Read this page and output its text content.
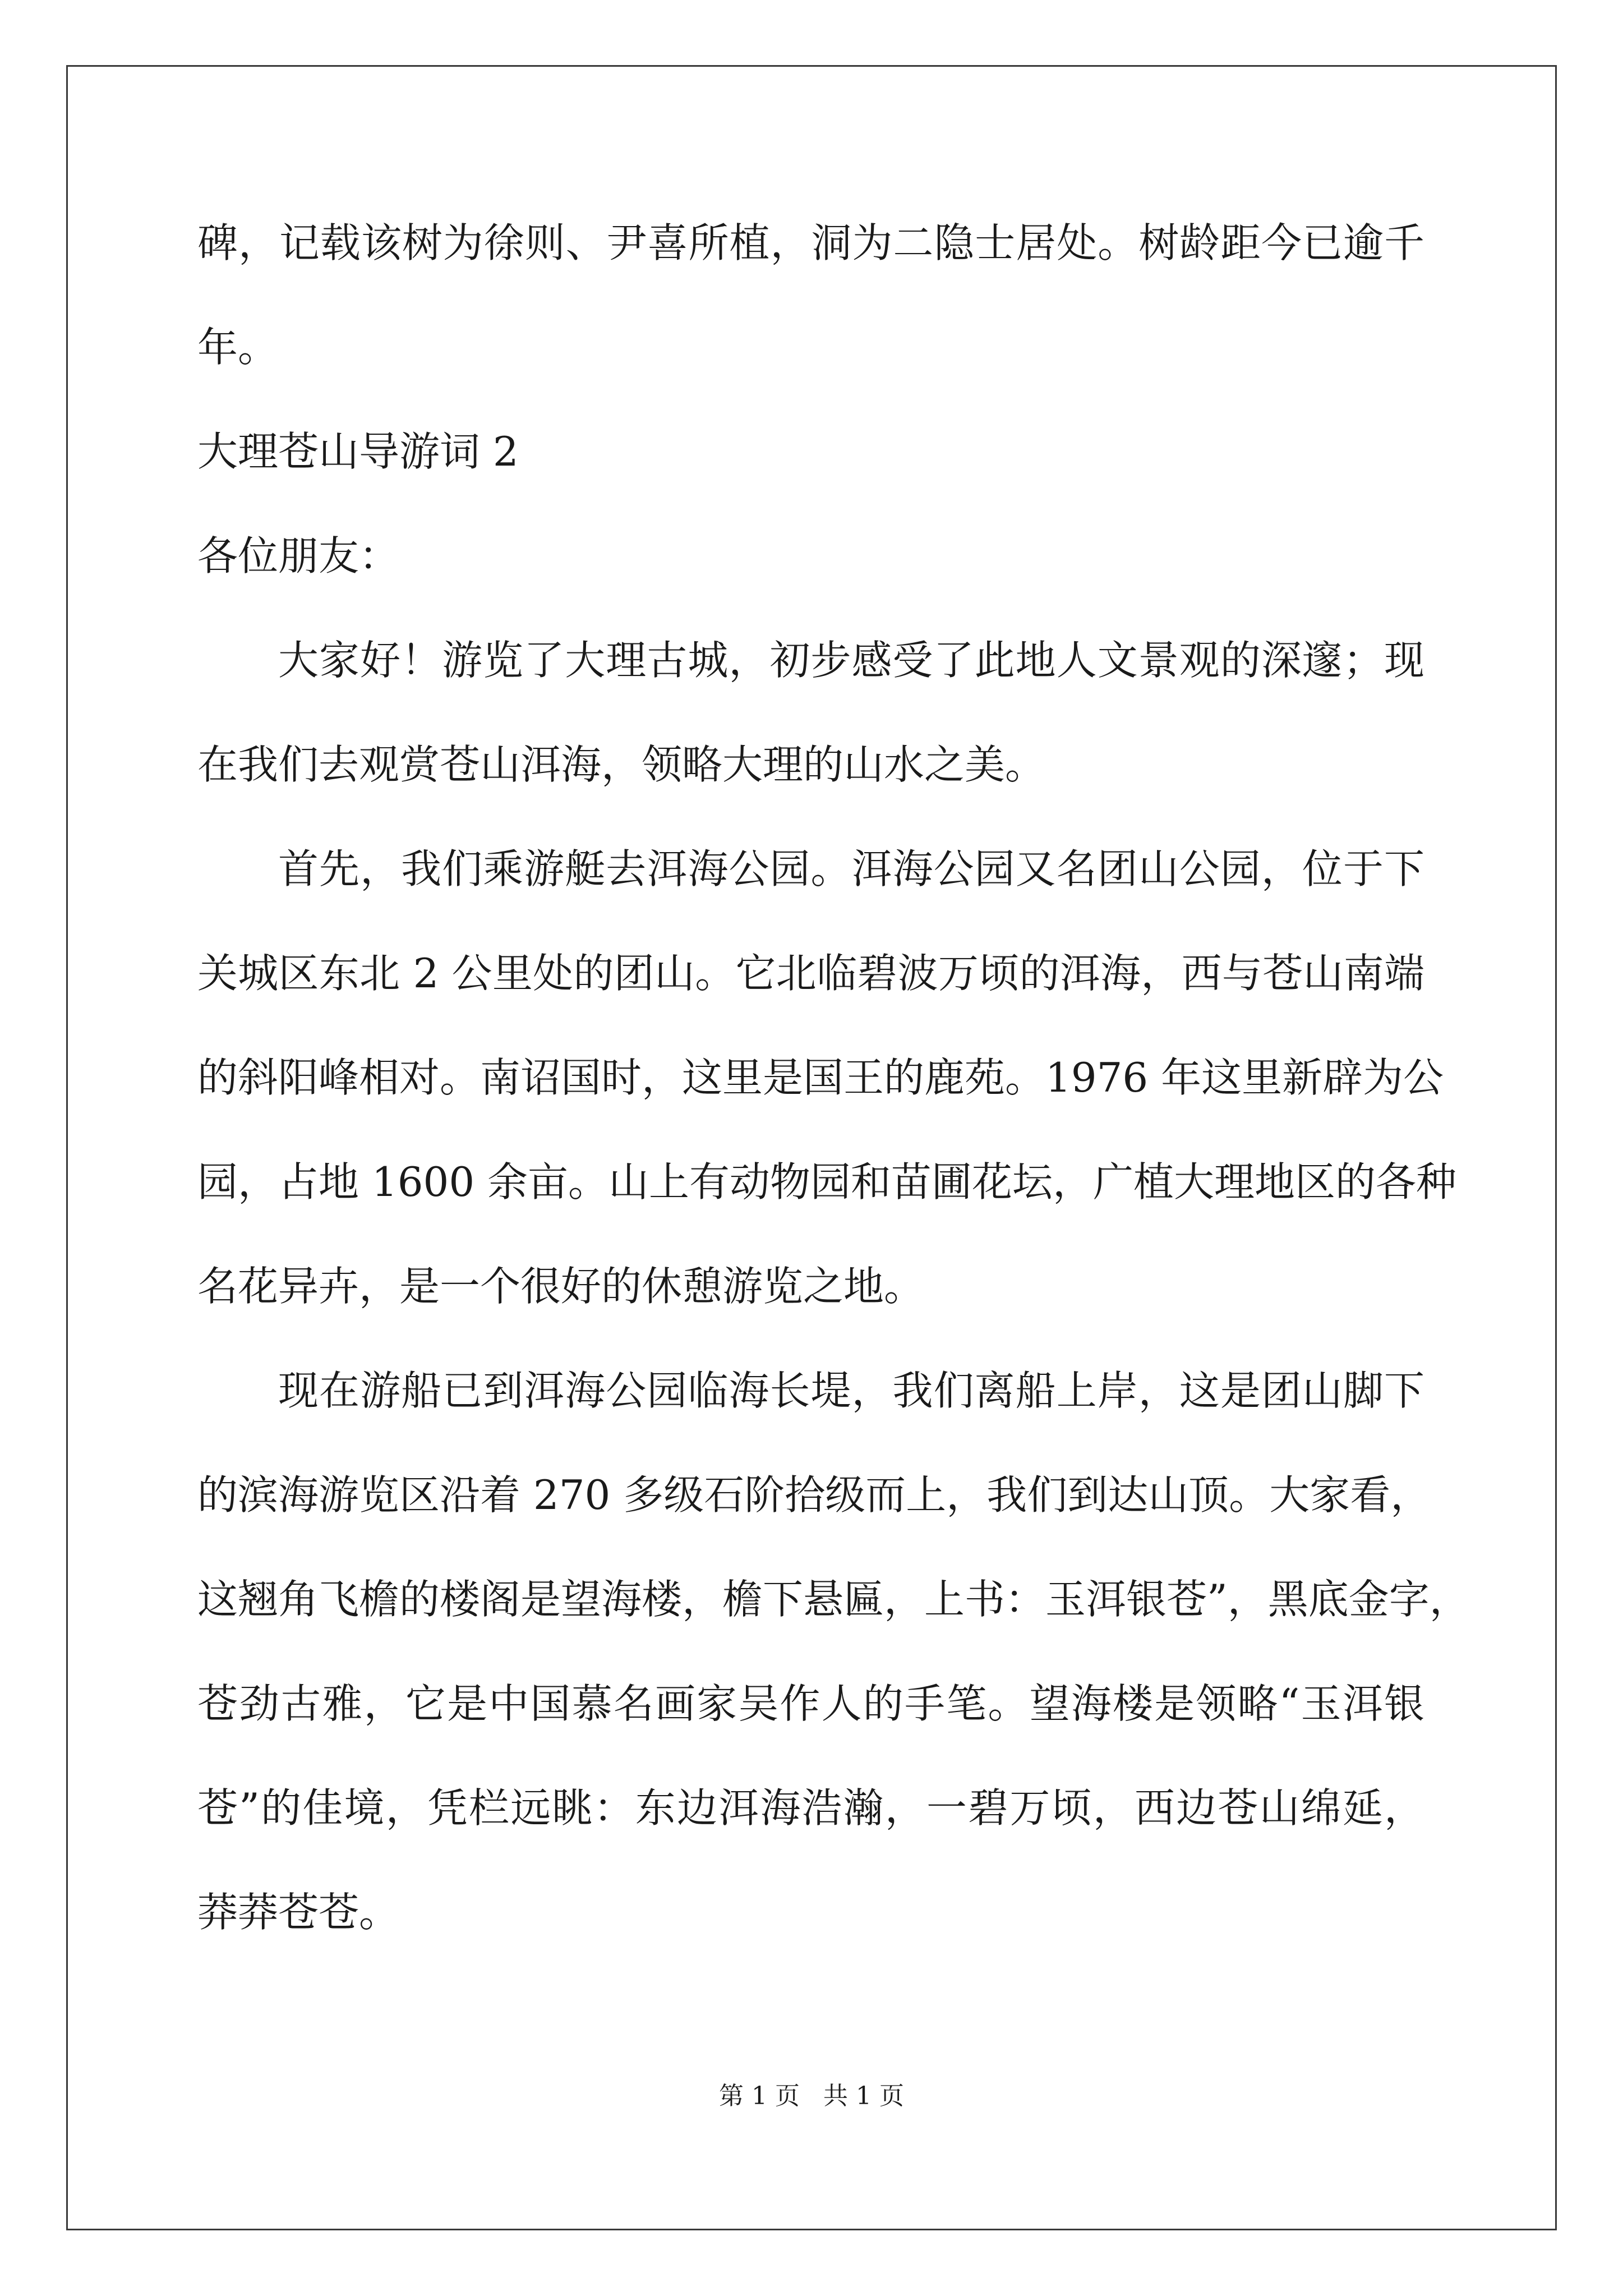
碑，记载该树为徐则、尹喜所植，洞为二隐士居处。树龄距今已逾千
年。
大理苍山导游词 2
各位朋友：
大家好！游览了大理古城，初步感受了此地人文景观的深邃；现
在我们去观赏苍山洱海，领略大理的山水之美。
首先，我们乘游艇去洱海公园。洱海公园又名团山公园，位于下
关城区东北 2 公里处的团山。它北临碧波万顷的洱海，西与苍山南端
的斜阳峰相对。南诏国时，这里是国王的鹿苑。1976 年这里新辟为公
园，占地 1600 余亩。山上有动物园和苗圃花坛，广植大理地区的各种
名花异卉，是一个很好的休憩游览之地。
现在游船已到洱海公园临海长堤，我们离船上岸，这是团山脚下
的滨海游览区沿着 270 多级石阶拾级而上，我们到达山顶。大家看，
这翘角飞檐的楼阁是望海楼，檐下悬匾，上书：玉洱银苍”，黑底金字，
苍劲古雅，它是中国慕名画家吴作人的手笔。望海楼是领略“玉洱银
苍”的佳境，凭栏远眺：东边洱海浩瀚，一碧万顷，西边苍山绵延，
莽莽苍苍。
第 1 页   共 1 页
